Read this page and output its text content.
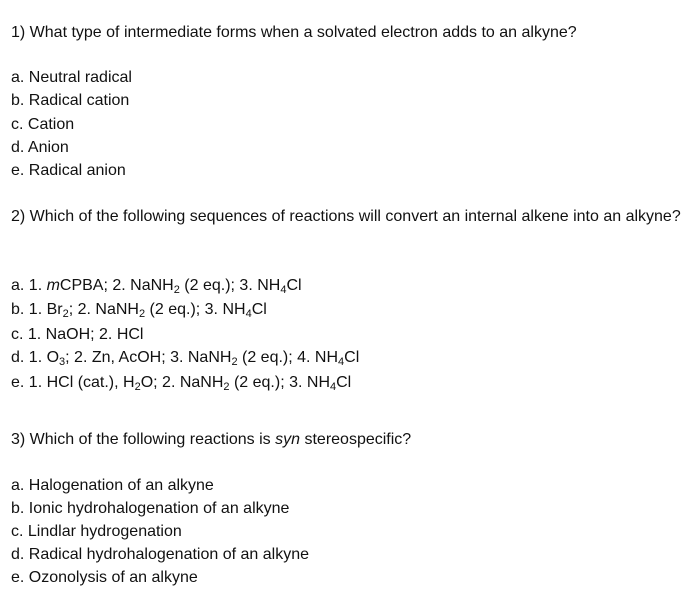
1) What type of intermediate forms when a solvated electron adds to an alkyne?
a. Neutral radical
b. Radical cation
c. Cation
d. Anion
e. Radical anion
2) Which of the following sequences of reactions will convert an internal alkene into an alkyne?
a. 1. mCPBA; 2. NaNH$_2$ (2 eq.); 3. $NH_4Cl$
b. 1. $Br_2$; 2. NaNH$_2$ (2 eq.); 3. $NH_4Cl$
c. 1. NaOH; 2. HCl
d. 1. $O_3$; 2. Zn, AcOH; 3. NaNH$_2$ (2 eq.); 4. $NH_4Cl$
e. 1. HCl (cat.), $H_2O$; 2. NaNH$_2$ (2 eq.); 3. $NH_4Cl$
3) Which of the following reactions is syn stereospecific?
a. Halogenation of an alkyne
b. Ionic hydrohalogenation of an alkyne
c. Lindlar hydrogenation
d. Radical hydrohalogenation of an alkyne
e. Ozonolysis of an alkyne
